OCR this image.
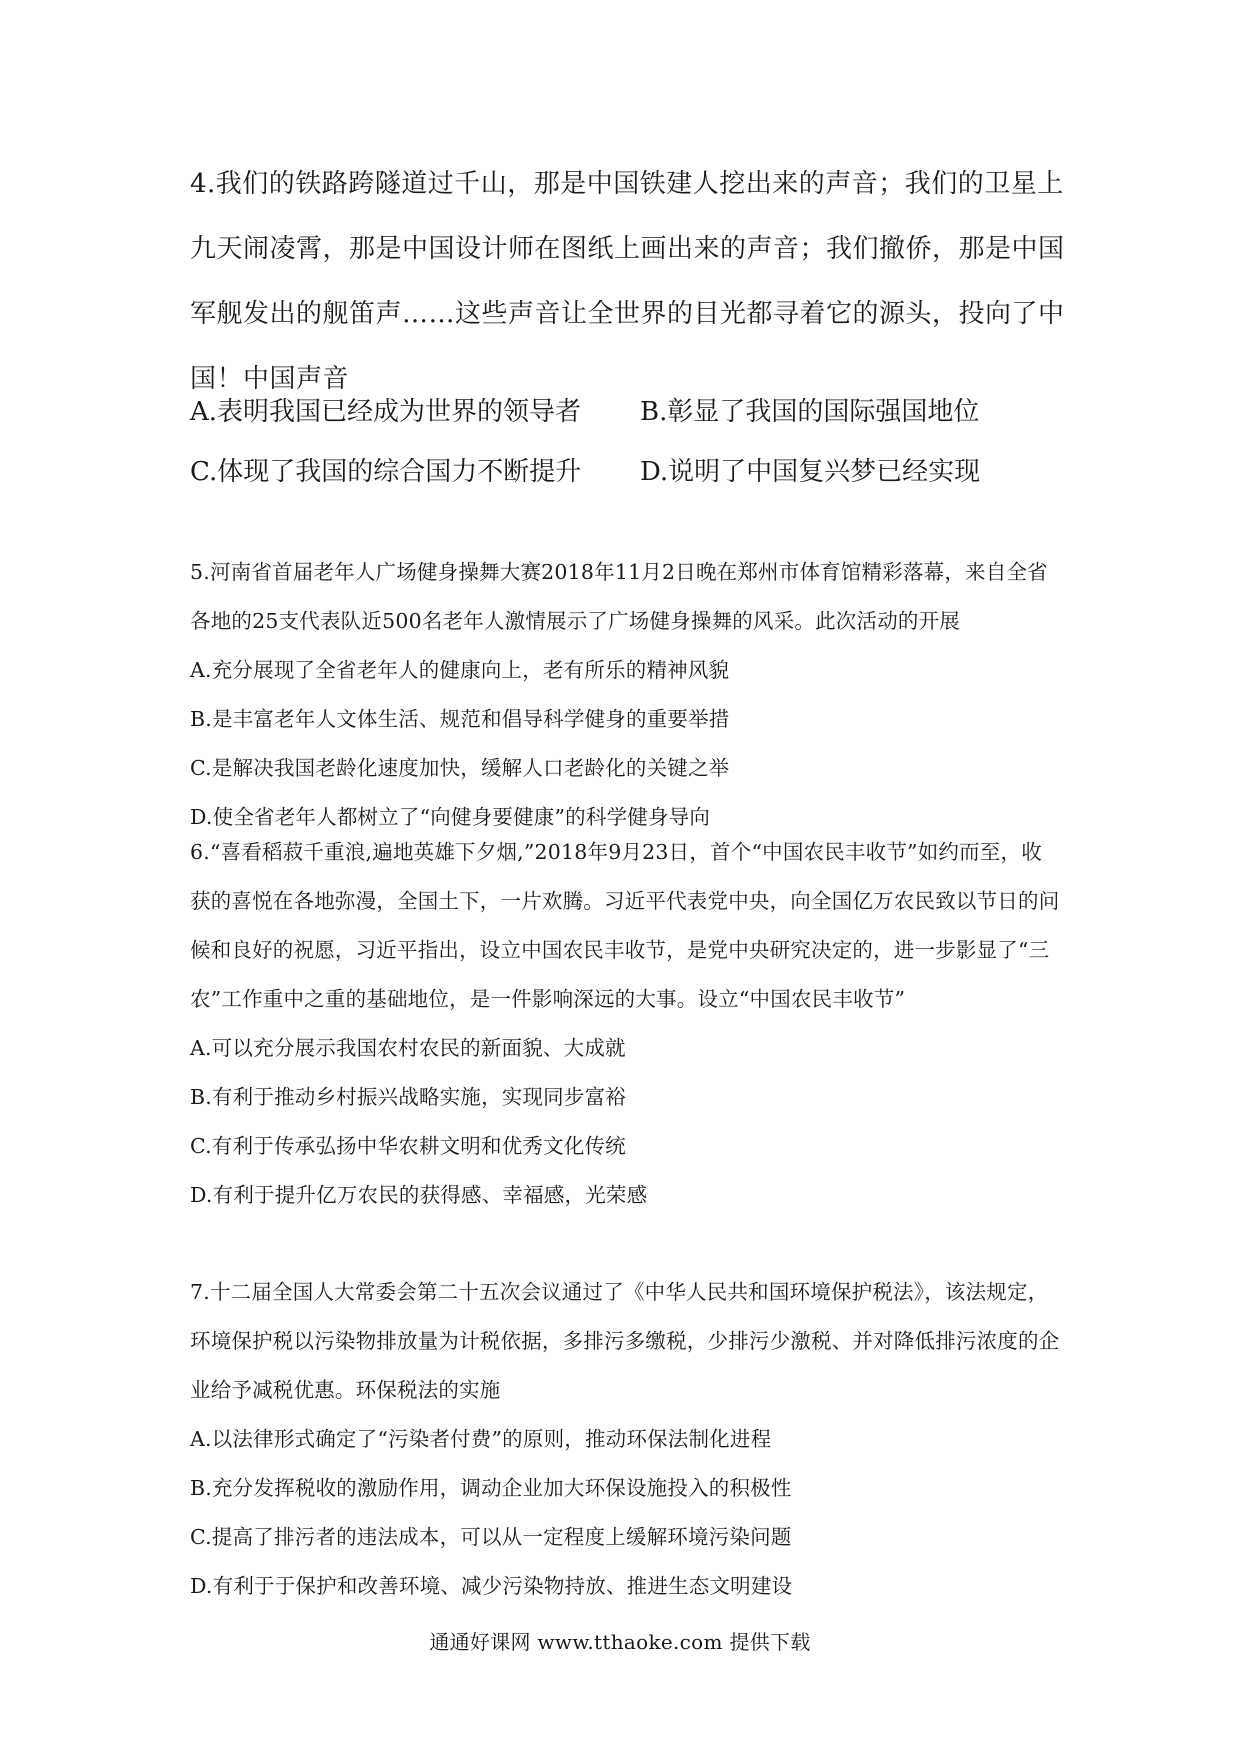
4.我们的铁路跨隧道过千山，那是中国铁建人挖出来的声音；我们的卫星上九天闹凌霄，那是中国设计师在图纸上画出来的声音；我们撤侨，那是中国军舰发出的舰笛声……这些声音让全世界的目光都寻着它的源头，投向了中国！中国声音
A.表明我国已经成为世界的领导者 B.彰显了我国的国际强国地位
C.体现了我国的综合国力不断提升 D.说明了中国复兴梦已经实现
5.河南省首届老年人广场健身操舞大赛2018年11月2日晚在郑州市体育馆精彩落幕，来自全省各地的25支代表队近500名老年人激情展示了广场健身操舞的风采。此次活动的开展
A.充分展现了全省老年人的健康向上，老有所乐的精神风貌
B.是丰富老年人文体生活、规范和倡导科学健身的重要举措
C.是解决我国老龄化速度加快，缓解人口老龄化的关键之举
D.使全省老年人都树立了“向健身要健康”的科学健身导向
6.“喜看稻菽千重浪,遍地英雄下夕烟,”2018年9月23日，首个“中国农民丰收节”如约而至，收获的喜悦在各地弥漫，全国土下，一片欢腾。习近平代表党中央，向全国亿万农民致以节日的问候和良好的祝愿，习近平指出，设立中国农民丰收节，是党中央研究决定的，进一步影显了“三农”工作重中之重的基础地位，是一件影响深远的大事。设立“中国农民丰收节”
A.可以充分展示我国农村农民的新面貌、大成就
B.有利于推动乡村振兴战略实施，实现同步富裕
C.有利于传承弘扬中华农耕文明和优秀文化传统
D.有利于提升亿万农民的获得感、幸福感，光荣感
7.十二届全国人大常委会第二十五次会议通过了《中华人民共和国环境保护税法》，该法规定，环境保护税以污染物排放量为计税依据，多排污多缴税，少排污少激税、并对降低排污浓度的企业给予减税优惠。环保税法的实施
A.以法律形式确定了“污染者付费”的原则，推动环保法制化进程
B.充分发挥税收的激励作用，调动企业加大环保设施投入的积极性
C.提高了排污者的违法成本，可以从一定程度上缓解环境污染问题
D.有利于于保护和改善环境、减少污染物持放、推进生态文明建设
通通好课网 www.tthaoke.com 提供下载
